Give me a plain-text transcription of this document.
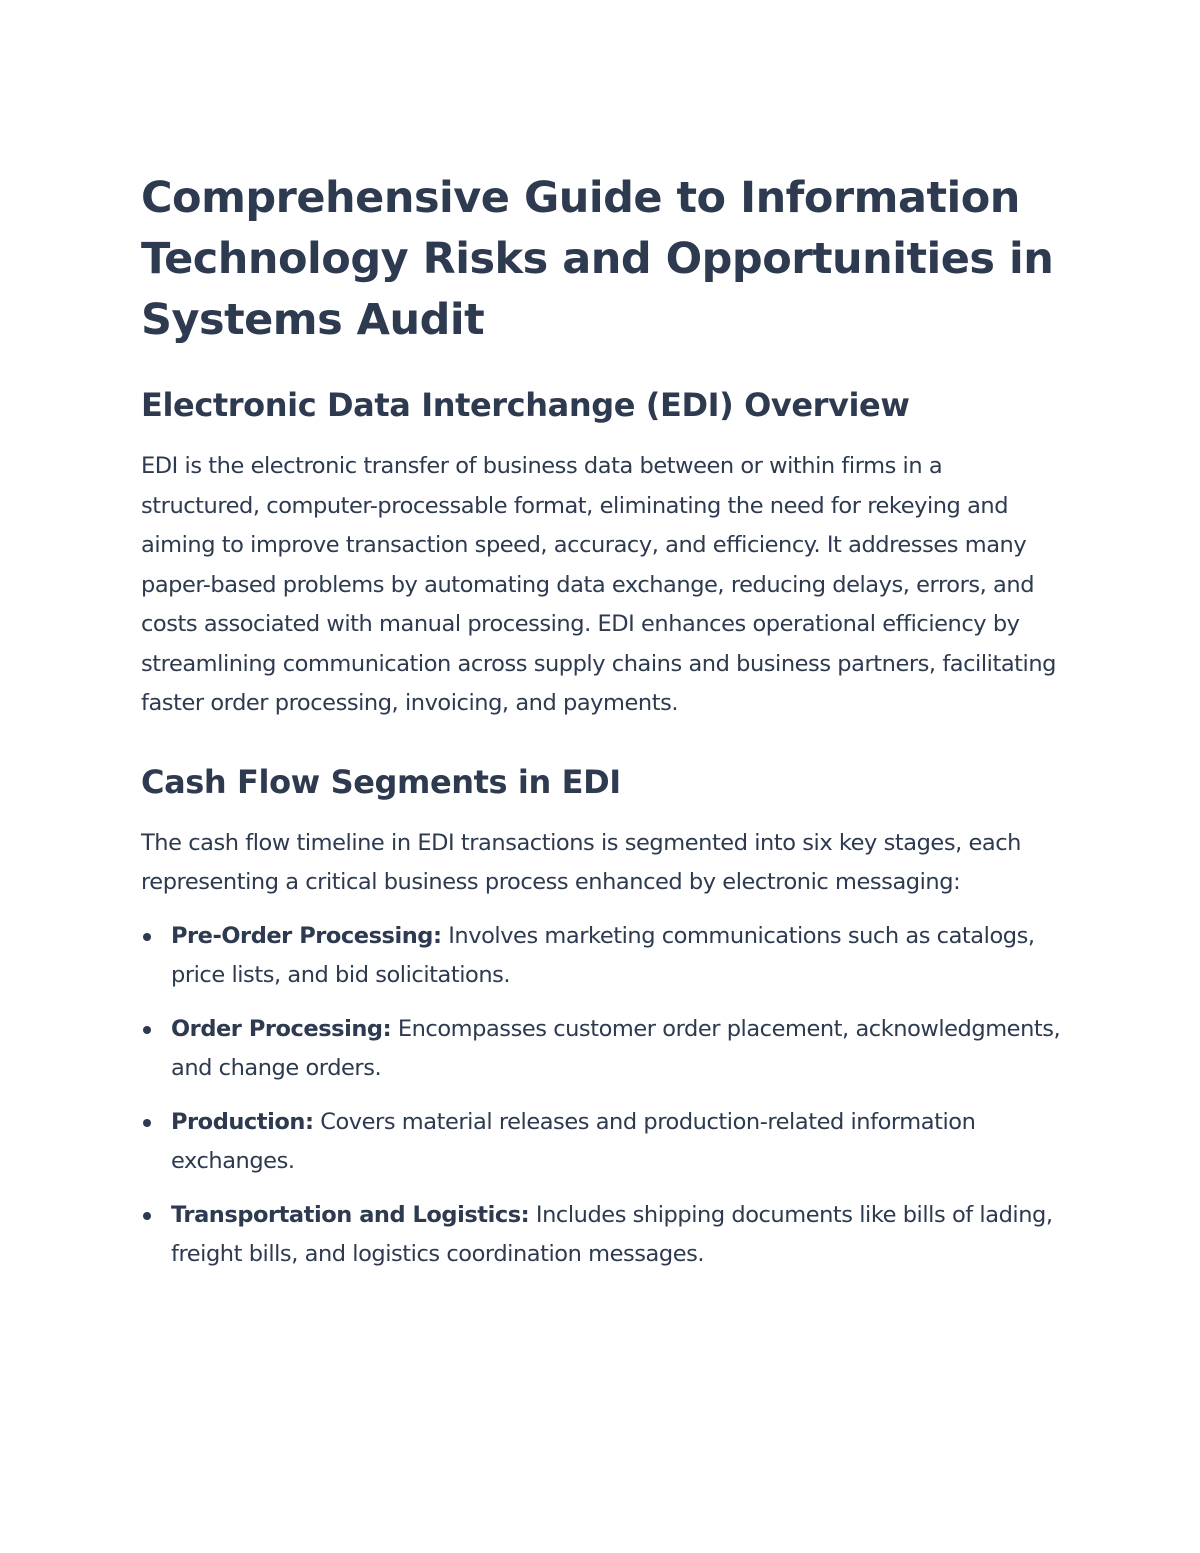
Comprehensive Guide to Information Technology Risks and Opportunities in Systems Audit
Electronic Data Interchange (EDI) Overview

EDI is the electronic transfer of business data between or within firms in a structured, computer-processable format, eliminating the need for rekeying and aiming to improve transaction speed, accuracy, and efficiency. It addresses many paper-based problems by automating data exchange, reducing delays, errors, and costs associated with manual processing. EDI enhances operational efficiency by streamlining communication across supply chains and business partners, facilitating faster order processing, invoicing, and payments.

Cash Flow Segments in EDI

The cash flow timeline in EDI transactions is segmented into six key stages, each representing a critical business process enhanced by electronic messaging:

Pre-Order Processing: Involves marketing communications such as catalogs, price lists, and bid solicitations.
Order Processing: Encompasses customer order placement, acknowledgments, and change orders.
Production: Covers material releases and production-related information exchanges.
Transportation and Logistics: Includes shipping documents like bills of lading, freight bills, and logistics coordination messages.
